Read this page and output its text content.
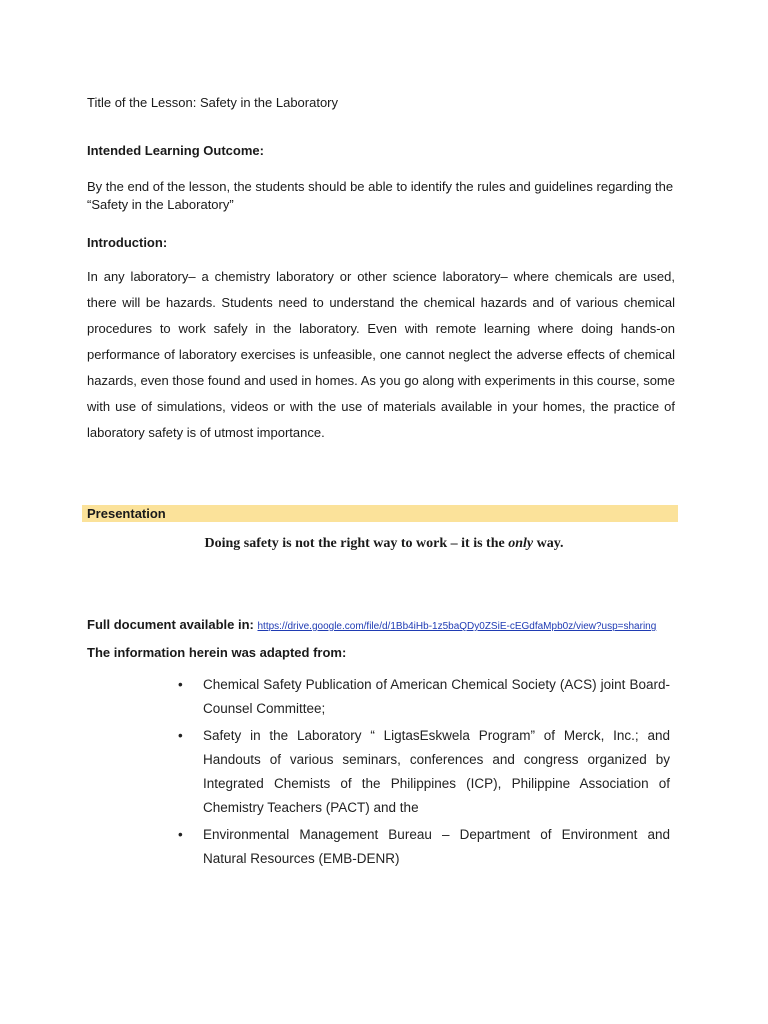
Title of the Lesson: Safety in the Laboratory
Intended Learning Outcome:
By the end of the lesson, the students should be able to identify the rules and guidelines regarding the
“Safety in the Laboratory”
Introduction:
In any laboratory– a chemistry laboratory or other science laboratory– where chemicals are used, there will be hazards. Students need to understand the chemical hazards and of various chemical procedures to work safely in the laboratory. Even with remote learning where doing hands-on performance of laboratory exercises is unfeasible, one cannot neglect the adverse effects of chemical hazards, even those found and used in homes. As you go along with experiments in this course, some with use of simulations, videos or with the use of materials available in your homes, the practice of laboratory safety is of utmost importance.
Presentation
Doing safety is not the right way to work – it is the only way.
Full document available in: https://drive.google.com/file/d/1Bb4iHb-1z5baQDy0ZSiE-cEGdfaMpb0z/view?usp=sharing
The information herein was adapted from:
• Chemical Safety Publication of American Chemical Society (ACS) joint Board-Counsel Committee;
• Safety in the Laboratory “ LigtasEskwela Program” of Merck, Inc.; and Handouts of various seminars, conferences and congress organized by Integrated Chemists of the Philippines (ICP), Philippine Association of Chemistry Teachers (PACT) and the
• Environmental Management Bureau – Department of Environment and Natural Resources (EMB-DENR)
